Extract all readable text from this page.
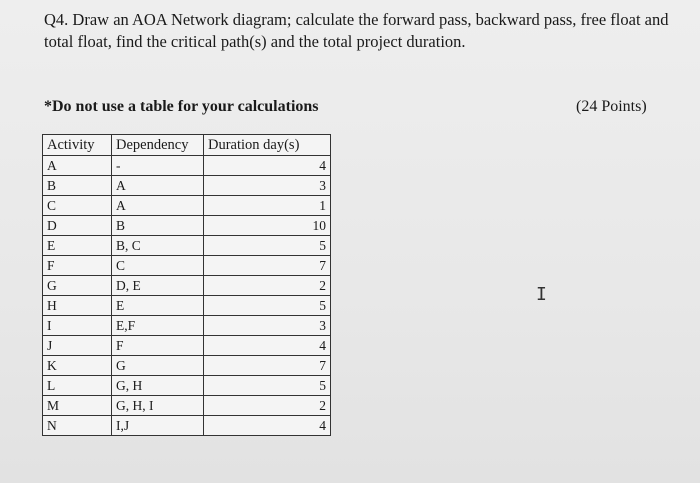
Q4. Draw an AOA Network diagram; calculate the forward pass, backward pass, free float and total float, find the critical path(s) and the total project duration.
*Do not use a table for your calculations	(24 Points)
Activity	Dependency	Duration day(s)
A	-	4
B	A	3
C	A	1
D	B	10
E	B, C	5
F	C	7
G	D, E	2
H	E	5
I	E,F	3
J	F	4
K	G	7
L	G, H	5
M	G, H, I	2
N	I,J	4
I
